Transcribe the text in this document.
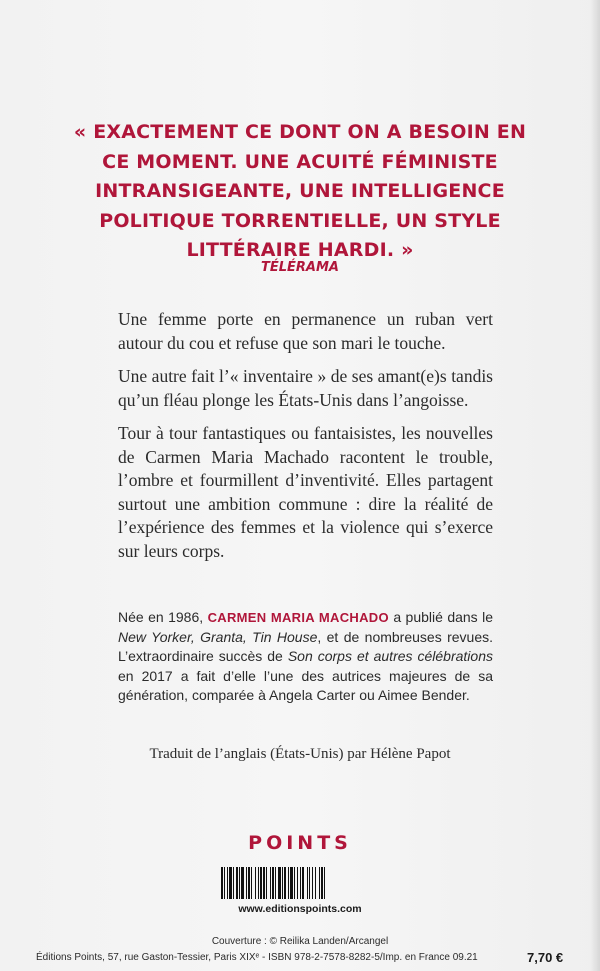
« EXACTEMENT CE DONT ON A BESOIN EN
CE MOMENT. UNE ACUITÉ FÉMINISTE
INTRANSIGEANTE, UNE INTELLIGENCE
POLITIQUE TORRENTIELLE, UN STYLE
LITTÉRAIRE HARDI. »
TÉLÉRAMA

Une femme porte en permanence un ruban vert autour du cou et refuse que son mari le touche.

Une autre fait l’« inventaire » de ses amant(e)s tandis qu’un fléau plonge les États-Unis dans l’angoisse.

Tour à tour fantastiques ou fantaisistes, les nouvelles de Carmen Maria Machado racontent le trouble, l’ombre et fourmillent d’inventivité. Elles partagent surtout une ambition commune : dire la réalité de l’expérience des femmes et la violence qui s’exerce sur leurs corps.

Née en 1986, CARMEN MARIA MACHADO a publié dans le New Yorker, Granta, Tin House, et de nombreuses revues. L’extraordinaire succès de Son corps et autres célébrations en 2017 a fait d’elle l’une des autrices majeures de sa génération, comparée à Angela Carter ou Aimee Bender.
Traduit de l’anglais (États-Unis) par Hélène Papot
POINTS
www.editionspoints.com
Couverture : © Reilika Landen/Arcangel
Éditions Points, 57, rue Gaston-Tessier, Paris XIXᵉ - ISBN 978-2-7578-8282-5/Imp. en France 09.21	7,70 €
